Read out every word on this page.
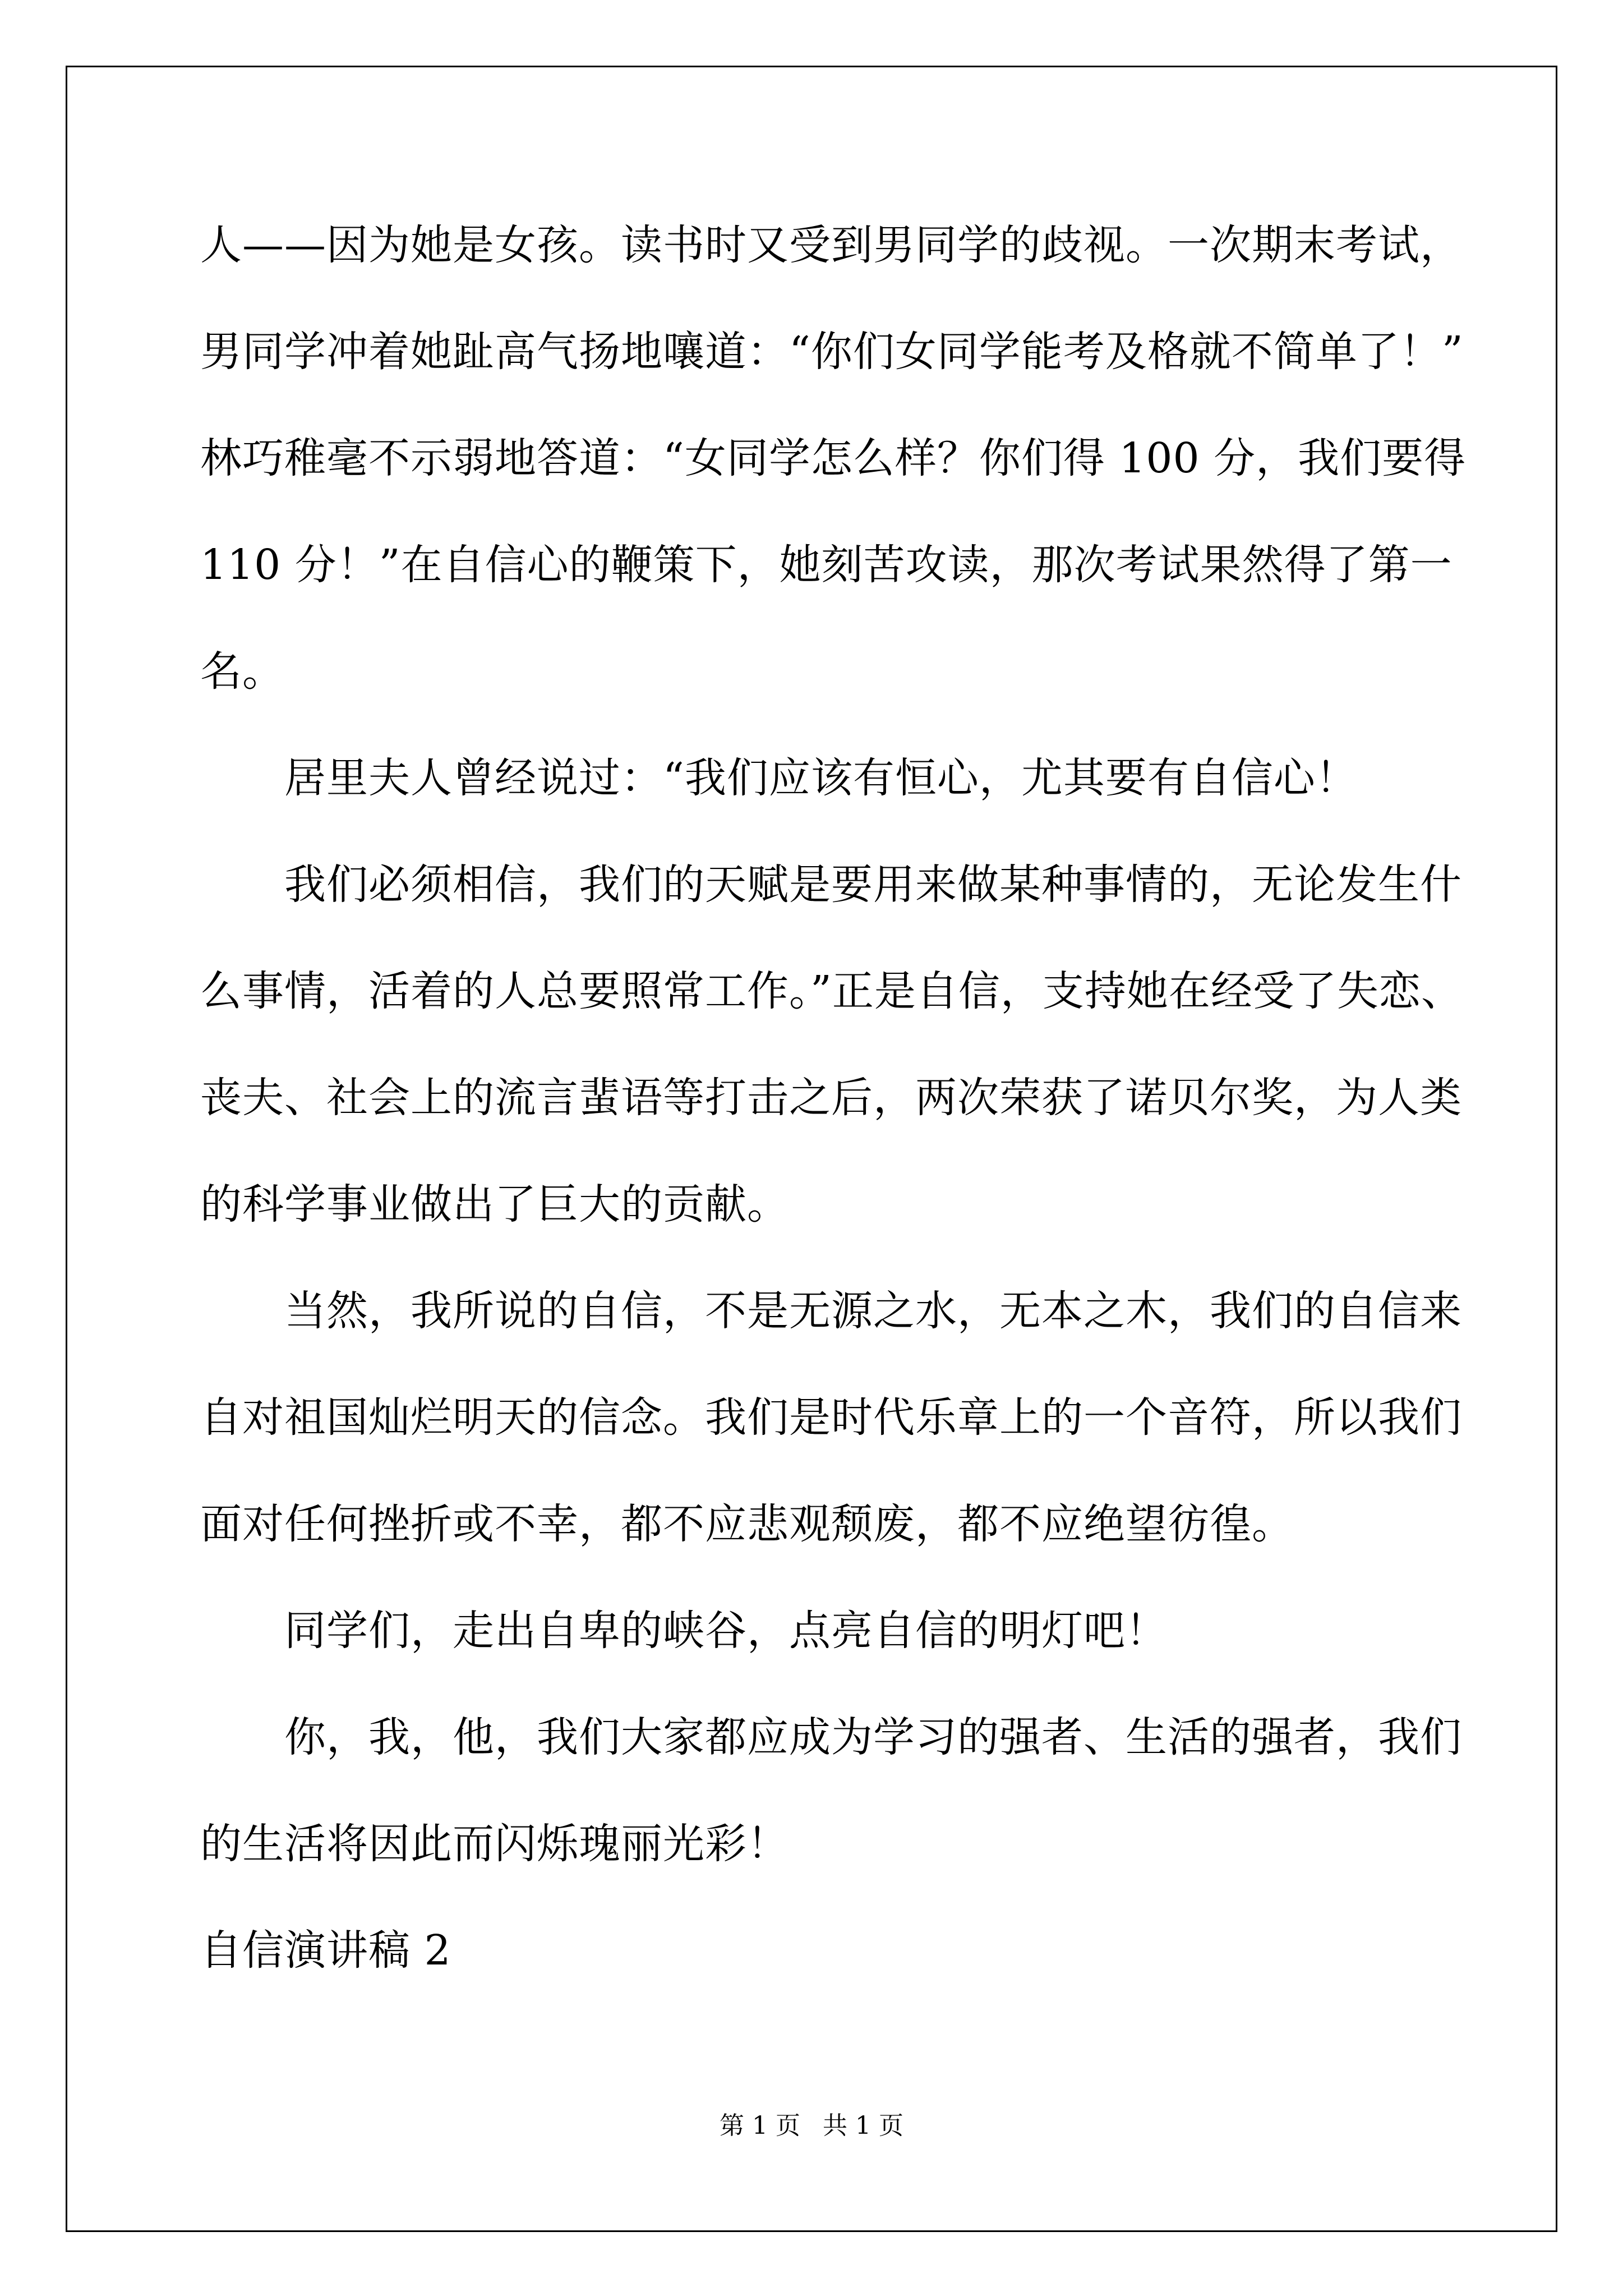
人——因为她是女孩。读书时又受到男同学的歧视。一次期末考试，
男同学冲着她趾高气扬地嚷道：“你们女同学能考及格就不简单了！”
林巧稚毫不示弱地答道：“女同学怎么样？你们得 100 分，我们要得
110 分！”在自信心的鞭策下，她刻苦攻读，那次考试果然得了第一
名。
居里夫人曾经说过：“我们应该有恒心，尤其要有自信心！
我们必须相信，我们的天赋是要用来做某种事情的，无论发生什
么事情，活着的人总要照常工作。”正是自信，支持她在经受了失恋、
丧夫、社会上的流言蜚语等打击之后，两次荣获了诺贝尔奖，为人类
的科学事业做出了巨大的贡献。
当然，我所说的自信，不是无源之水，无本之木，我们的自信来
自对祖国灿烂明天的信念。我们是时代乐章上的一个音符，所以我们
面对任何挫折或不幸，都不应悲观颓废，都不应绝望彷徨。
同学们，走出自卑的峡谷，点亮自信的明灯吧！
你，我，他，我们大家都应成为学习的强者、生活的强者，我们
的生活将因此而闪烁瑰丽光彩！
自信演讲稿 2
第 1 页 共 1 页
